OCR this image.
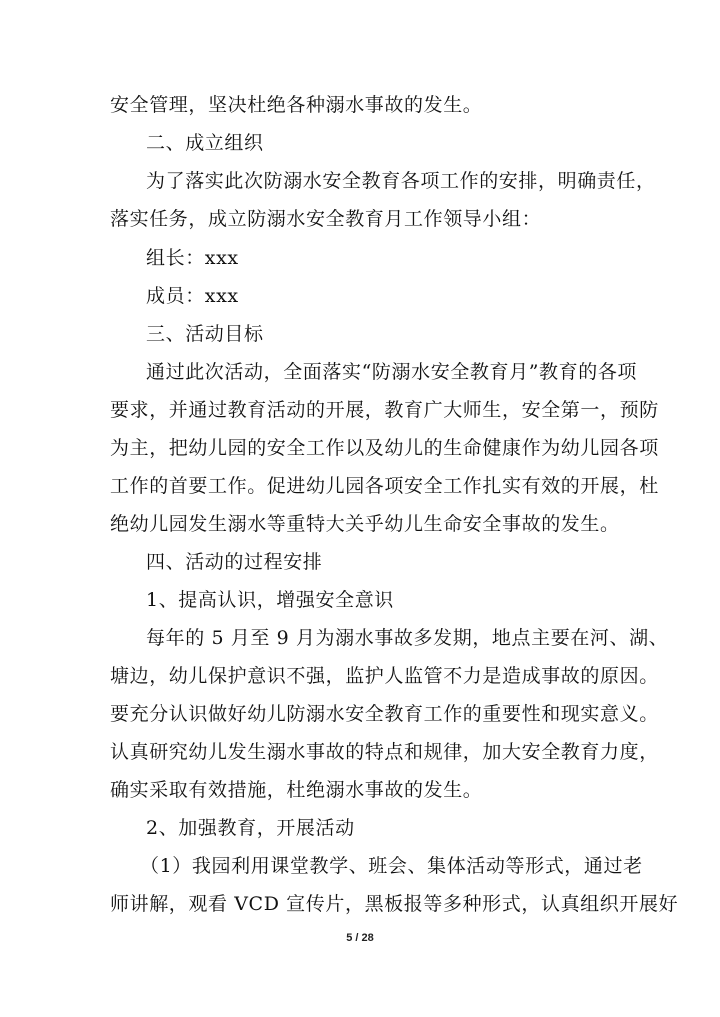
安全管理，坚决杜绝各种溺水事故的发生。
二、成立组织
为了落实此次防溺水安全教育各项工作的安排，明确责任，
落实任务，成立防溺水安全教育月工作领导小组：
组长：xxx
成员：xxx
三、活动目标
通过此次活动，全面落实“防溺水安全教育月”教育的各项
要求，并通过教育活动的开展，教育广大师生，安全第一，预防
为主，把幼儿园的安全工作以及幼儿的生命健康作为幼儿园各项
工作的首要工作。促进幼儿园各项安全工作扎实有效的开展，杜
绝幼儿园发生溺水等重特大关乎幼儿生命安全事故的发生。
四、活动的过程安排
1、提高认识，增强安全意识
每年的 5 月至 9 月为溺水事故多发期，地点主要在河、湖、
塘边，幼儿保护意识不强，监护人监管不力是造成事故的原因。
要充分认识做好幼儿防溺水安全教育工作的重要性和现实意义。
认真研究幼儿发生溺水事故的特点和规律，加大安全教育力度，
确实采取有效措施，杜绝溺水事故的发生。
2、加强教育，开展活动
（1）我园利用课堂教学、班会、集体活动等形式，通过老
师讲解，观看 VCD 宣传片，黑板报等多种形式，认真组织开展好
5 / 28
